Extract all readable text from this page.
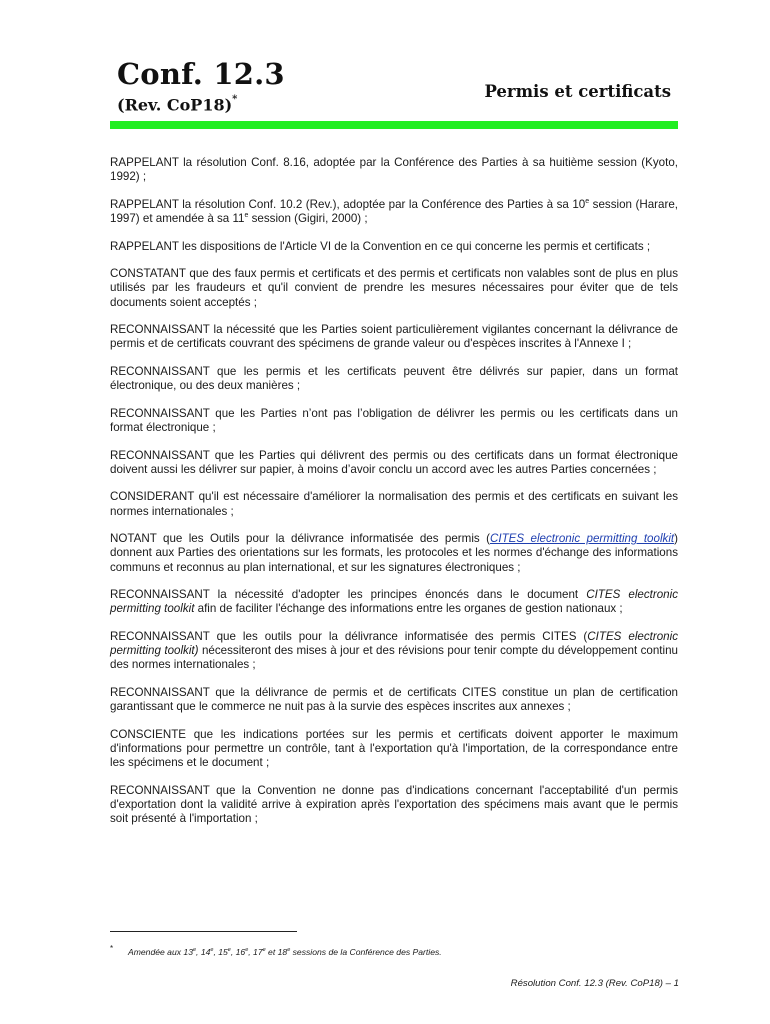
Conf. 12.3
(Rev. CoP18)*	Permis et certificats

RAPPELANT la résolution Conf. 8.16, adoptée par la Conférence des Parties à sa huitième session (Kyoto, 1992) ;

RAPPELANT la résolution Conf. 10.2 (Rev.), adoptée par la Conférence des Parties à sa 10e session (Harare, 1997) et amendée à sa 11e session (Gigiri, 2000) ;

RAPPELANT les dispositions de l'Article VI de la Convention en ce qui concerne les permis et certificats ;

CONSTATANT que des faux permis et certificats et des permis et certificats non valables sont de plus en plus utilisés par les fraudeurs et qu'il convient de prendre les mesures nécessaires pour éviter que de tels documents soient acceptés ;

RECONNAISSANT la nécessité que les Parties soient particulièrement vigilantes concernant la délivrance de permis et de certificats couvrant des spécimens de grande valeur ou d'espèces inscrites à l'Annexe I ;

RECONNAISSANT que les permis et les certificats peuvent être délivrés sur papier, dans un format électronique, ou des deux manières ;

RECONNAISSANT que les Parties n’ont pas l’obligation de délivrer les permis ou les certificats dans un format électronique ;

RECONNAISSANT que les Parties qui délivrent des permis ou des certificats dans un format électronique doivent aussi les délivrer sur papier, à moins d’avoir conclu un accord avec les autres Parties concernées ;

CONSIDERANT qu'il est nécessaire d'améliorer la normalisation des permis et des certificats en suivant les normes internationales ;

NOTANT que les Outils pour la délivrance informatisée des permis (CITES electronic permitting toolkit) donnent aux Parties des orientations sur les formats, les protocoles et les normes d'échange des informations communs et reconnus au plan international, et sur les signatures électroniques ;

RECONNAISSANT la nécessité d'adopter les principes énoncés dans le document CITES electronic permitting toolkit afin de faciliter l'échange des informations entre les organes de gestion nationaux ;

RECONNAISSANT que les outils pour la délivrance informatisée des permis CITES (CITES electronic permitting toolkit) nécessiteront des mises à jour et des révisions pour tenir compte du développement continu des normes internationales ;

RECONNAISSANT que la délivrance de permis et de certificats CITES constitue un plan de certification garantissant que le commerce ne nuit pas à la survie des espèces inscrites aux annexes ;

CONSCIENTE que les indications portées sur les permis et certificats doivent apporter le maximum d'informations pour permettre un contrôle, tant à l'exportation qu'à l'importation, de la correspondance entre les spécimens et le document ;

RECONNAISSANT que la Convention ne donne pas d'indications concernant l'acceptabilité d'un permis d'exportation dont la validité arrive à expiration après l'exportation des spécimens mais avant que le permis soit présenté à l'importation ;

* Amendée aux 13e, 14e, 15e, 16e, 17e et 18e sessions de la Conférence des Parties.
Résolution Conf. 12.3 (Rev. CoP18) – 1
